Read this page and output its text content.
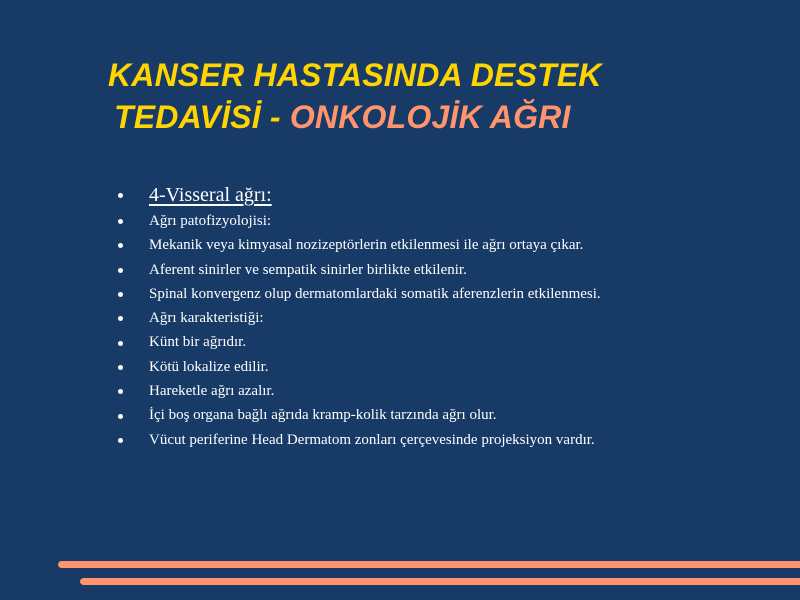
KANSER HASTASINDA DESTEK
TEDAVİSİ - ONKOLOJİK AĞRI
4-Visseral ağrı:
Ağrı patofizyolojisi:
Mekanik veya kimyasal nozizeptörlerin etkilenmesi ile ağrı ortaya çıkar.
Aferent sinirler ve sempatik sinirler birlikte etkilenir.
Spinal konvergenz olup dermatomlardaki somatik aferenzlerin etkilenmesi.
Ağrı karakteristiği:
Künt bir ağrıdır.
Kötü lokalize edilir.
Hareketle ağrı azalır.
İçi boş organa bağlı ağrıda kramp-kolik tarzında ağrı olur.
Vücut periferine Head Dermatom zonları çerçevesinde projeksiyon vardır.
